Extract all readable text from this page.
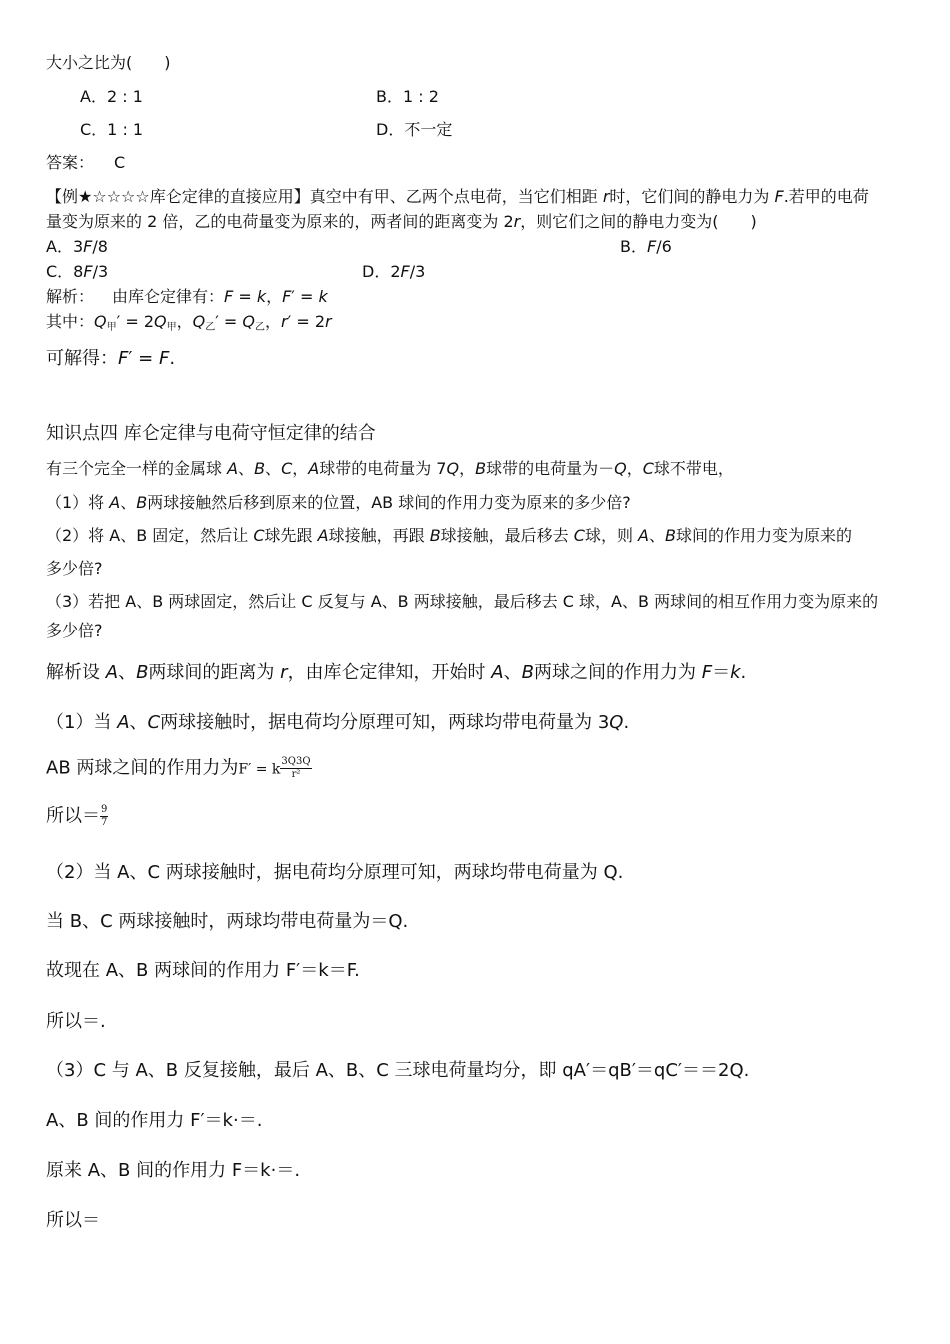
大小之比为(　　)
A．2 : 1	B．1 : 2
C．1 : 1	D．不一定
答案： C
【例★☆☆☆☆库仑定律的直接应用】真空中有甲、乙两个点电荷，当它们相距 r时，它们间的静电力为 F.若甲的电荷
量变为原来的 2 倍，乙的电荷量变为原来的，两者间的距离变为 2r，则它们之间的静电力变为(　　)
A．3F/8	B．F/6
C．8F/3	D．2F/3
解析： 由库仑定律有：F = k，F′ = k
其中：$Q_甲' = 2Q_甲$，$Q_乙' = Q_乙$，r′ = 2r
可解得：F′ = F.
知识点四 库仑定律与电荷守恒定律的结合
有三个完全一样的金属球 A、B、C，A球带的电荷量为 7Q，B球带的电荷量为－Q，C球不带电，
（1）将 A、B两球接触然后移到原来的位置，AB 球间的作用力变为原来的多少倍?
（2）将 A、B 固定，然后让 C球先跟 A球接触，再跟 B球接触，最后移去 C球，则 A、B球间的作用力变为原来的
多少倍?
（3）若把 A、B 两球固定，然后让 C 反复与 A、B 两球接触，最后移去 C 球，A、B 两球间的相互作用力变为原来的
多少倍?
解析设 A、B两球间的距离为 r，由库仑定律知，开始时 A、B两球之间的作用力为 F＝k.
（1）当 A、C两球接触时，据电荷均分原理可知，两球均带电荷量为 3Q.
AB 两球之间的作用力为F′ = k $\frac{3Q3Q}{\text{r²}}$
所以＝ $\frac{9}{7}$
（2）当 A、C 两球接触时，据电荷均分原理可知，两球均带电荷量为 Q.
当 B、C 两球接触时，两球均带电荷量为＝Q.
故现在 A、B 两球间的作用力 F′＝k＝F.
所以＝.
（3）C 与 A、B 反复接触，最后 A、B、C 三球电荷量均分，即 qA′＝qB′＝qC′＝＝2Q.
A、B 间的作用力 F′＝k·＝.
原来 A、B 间的作用力 F＝k·＝.
所以＝
